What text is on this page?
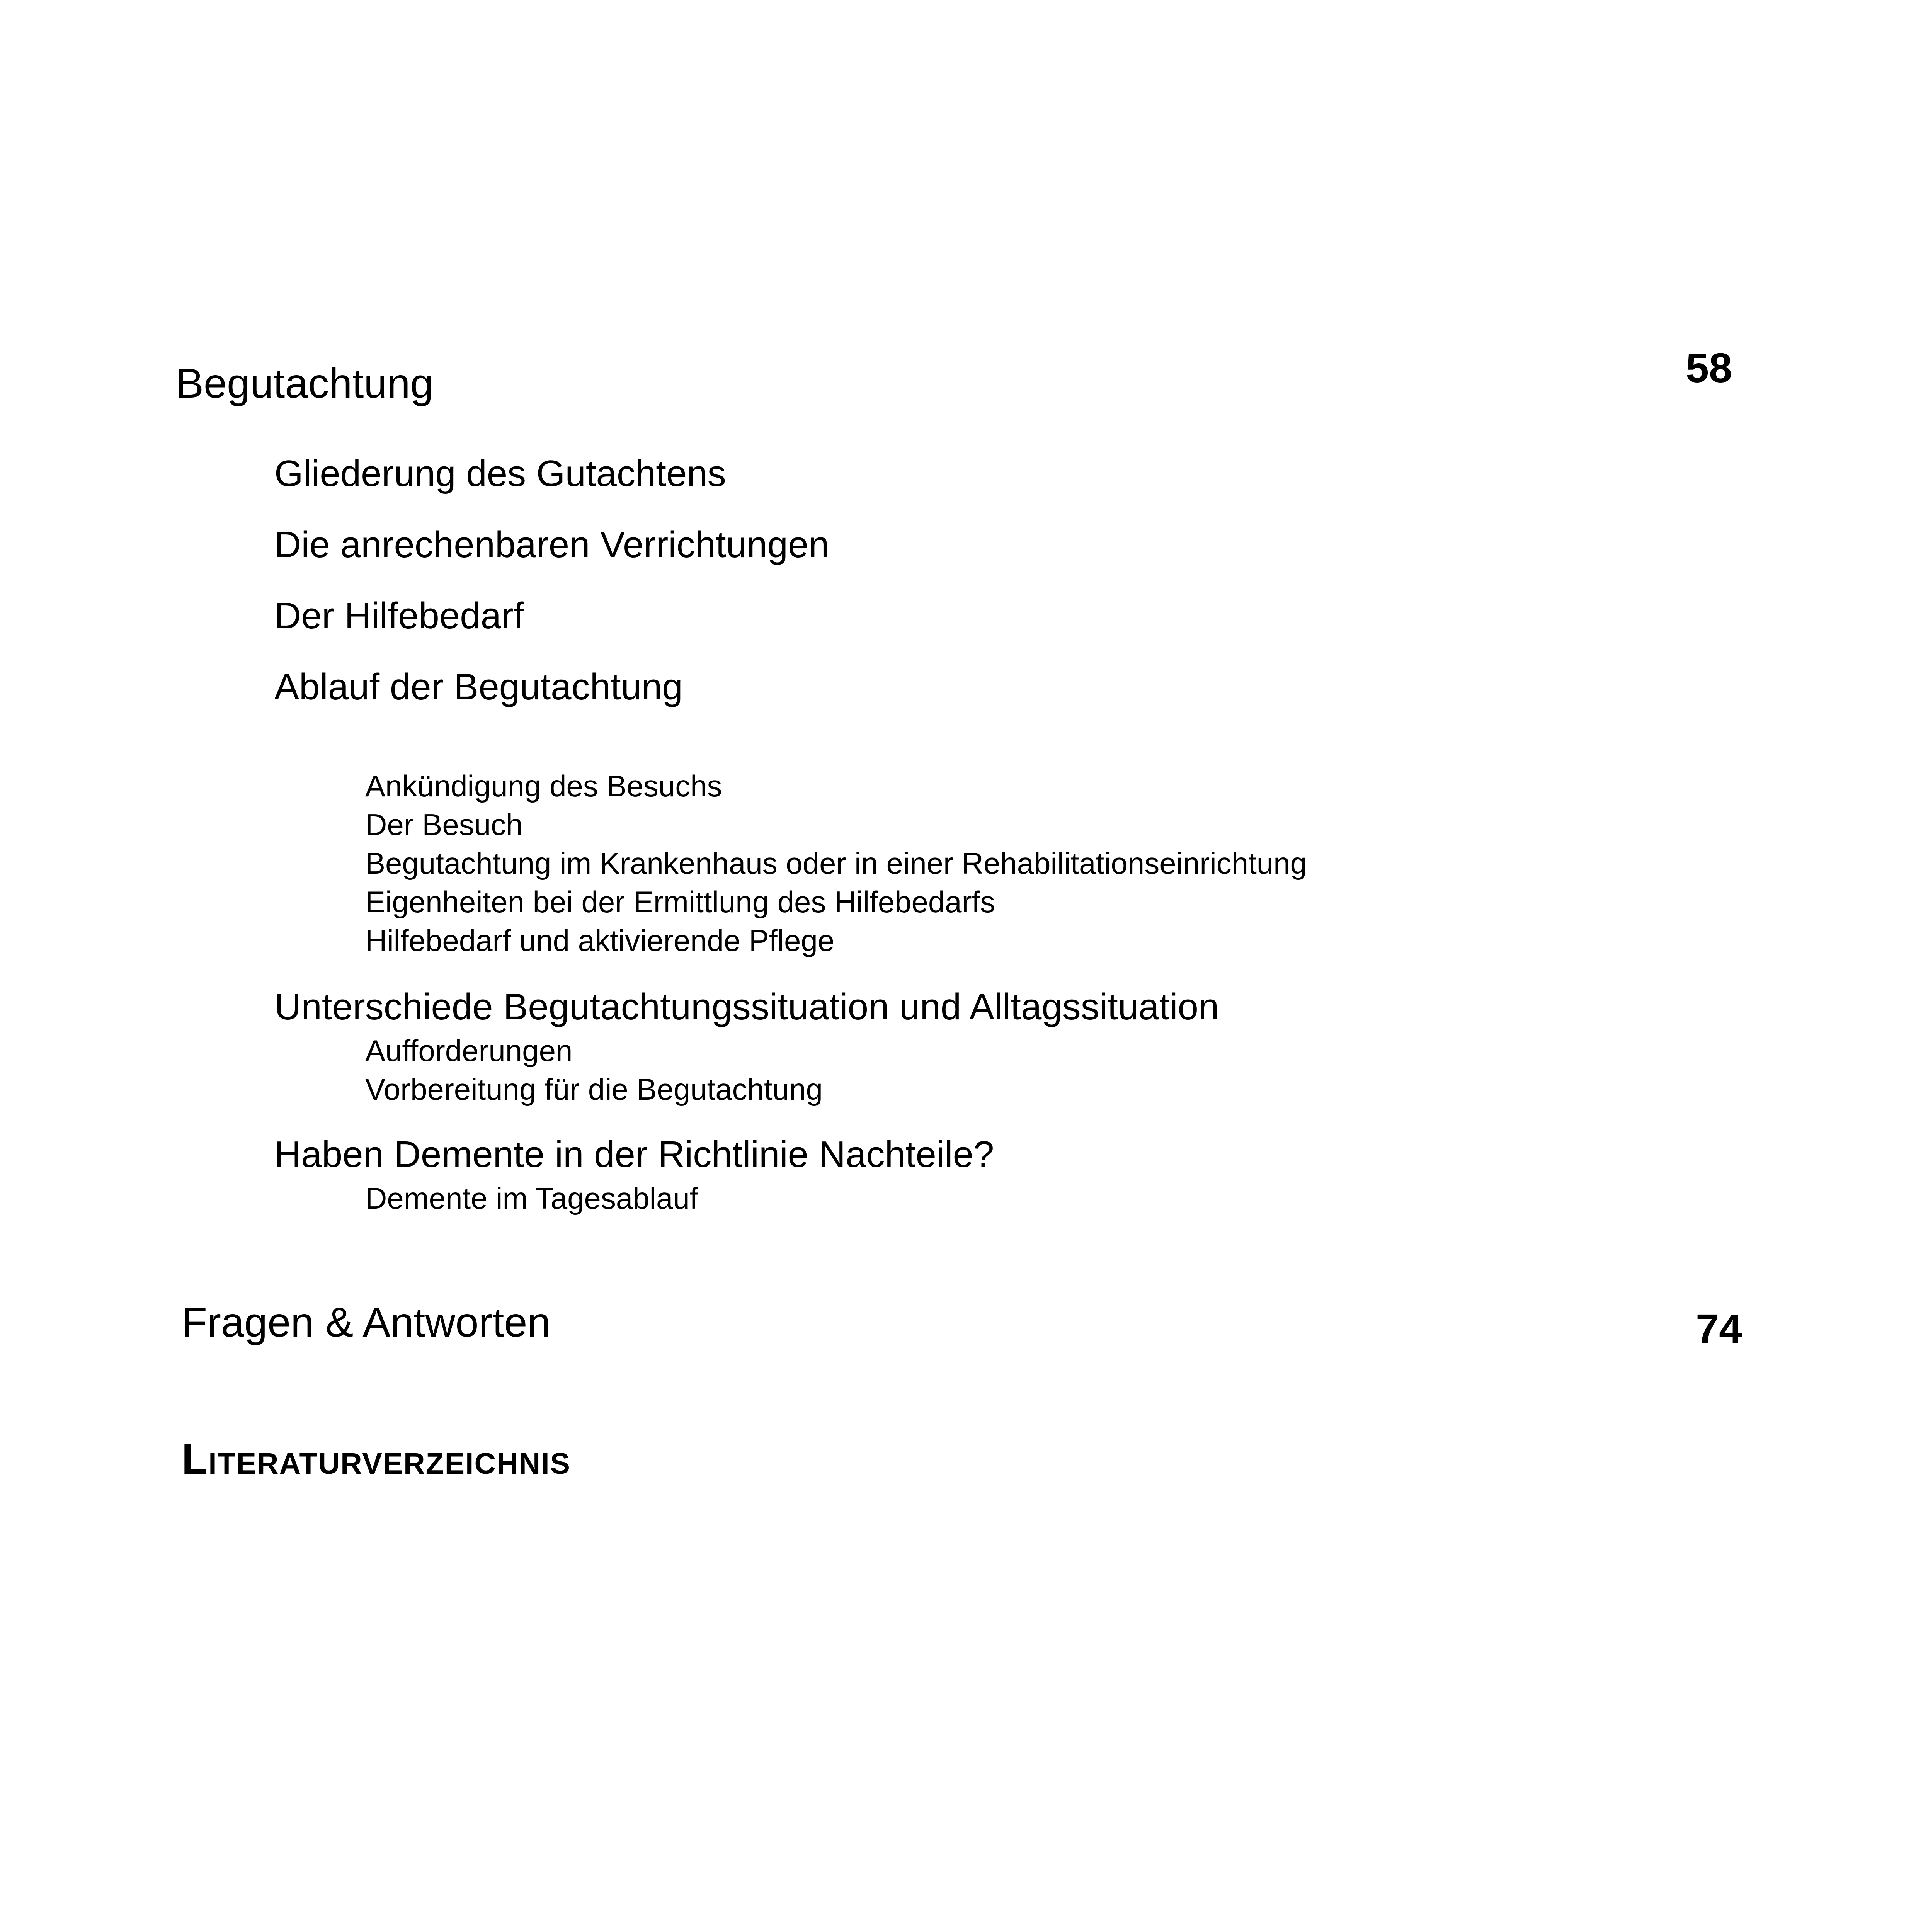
Begutachtung	58
Gliederung des Gutachtens
Die anrechenbaren Verrichtungen
Der Hilfebedarf
Ablauf der Begutachtung
Ankündigung des Besuchs
Der Besuch
Begutachtung im Krankenhaus oder in einer Rehabilitationseinrichtung
Eigenheiten bei der Ermittlung des Hilfebedarfs
Hilfebedarf und aktivierende Pflege
Unterschiede Begutachtungssituation und Alltagssituation
Aufforderungen
Vorbereitung für die Begutachtung
Haben Demente in der Richtlinie Nachteile?
Demente im Tagesablauf
Fragen & Antworten	74
Literaturverzeichnis
